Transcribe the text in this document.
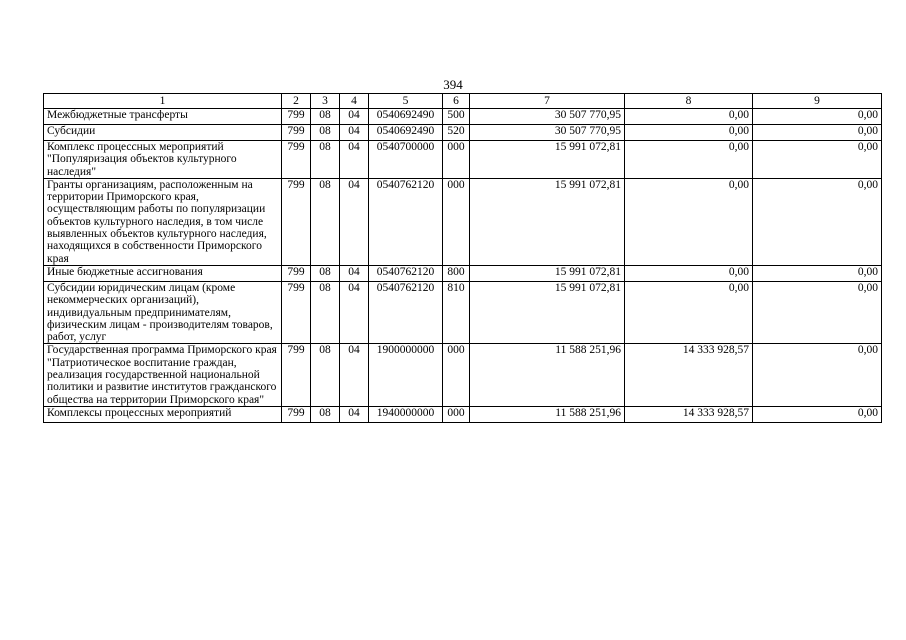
394
1	2	3	4	5	6	7	8	9
Межбюджетные трансферты	799	08	04	0540692490	500	30 507 770,95	0,00	0,00
Субсидии	799	08	04	0540692490	520	30 507 770,95	0,00	0,00
Комплекс процессных мероприятий "Популяризация объектов культурного наследия"	799	08	04	0540700000	000	15 991 072,81	0,00	0,00
Гранты организациям, расположенным на территории Приморского края, осуществляющим работы по популяризации объектов культурного наследия, в том числе выявленных объектов культурного наследия, находящихся в собственности Приморского края	799	08	04	0540762120	000	15 991 072,81	0,00	0,00
Иные бюджетные ассигнования	799	08	04	0540762120	800	15 991 072,81	0,00	0,00
Субсидии юридическим лицам (кроме некоммерческих организаций), индивидуальным предпринимателям, физическим лицам - производителям товаров, работ, услуг	799	08	04	0540762120	810	15 991 072,81	0,00	0,00
Государственная программа Приморского края "Патриотическое воспитание граждан, реализация государственной национальной политики и развитие институтов гражданского общества на территории Приморского края"	799	08	04	1900000000	000	11 588 251,96	14 333 928,57	0,00
Комплексы процессных мероприятий	799	08	04	1940000000	000	11 588 251,96	14 333 928,57	0,00
